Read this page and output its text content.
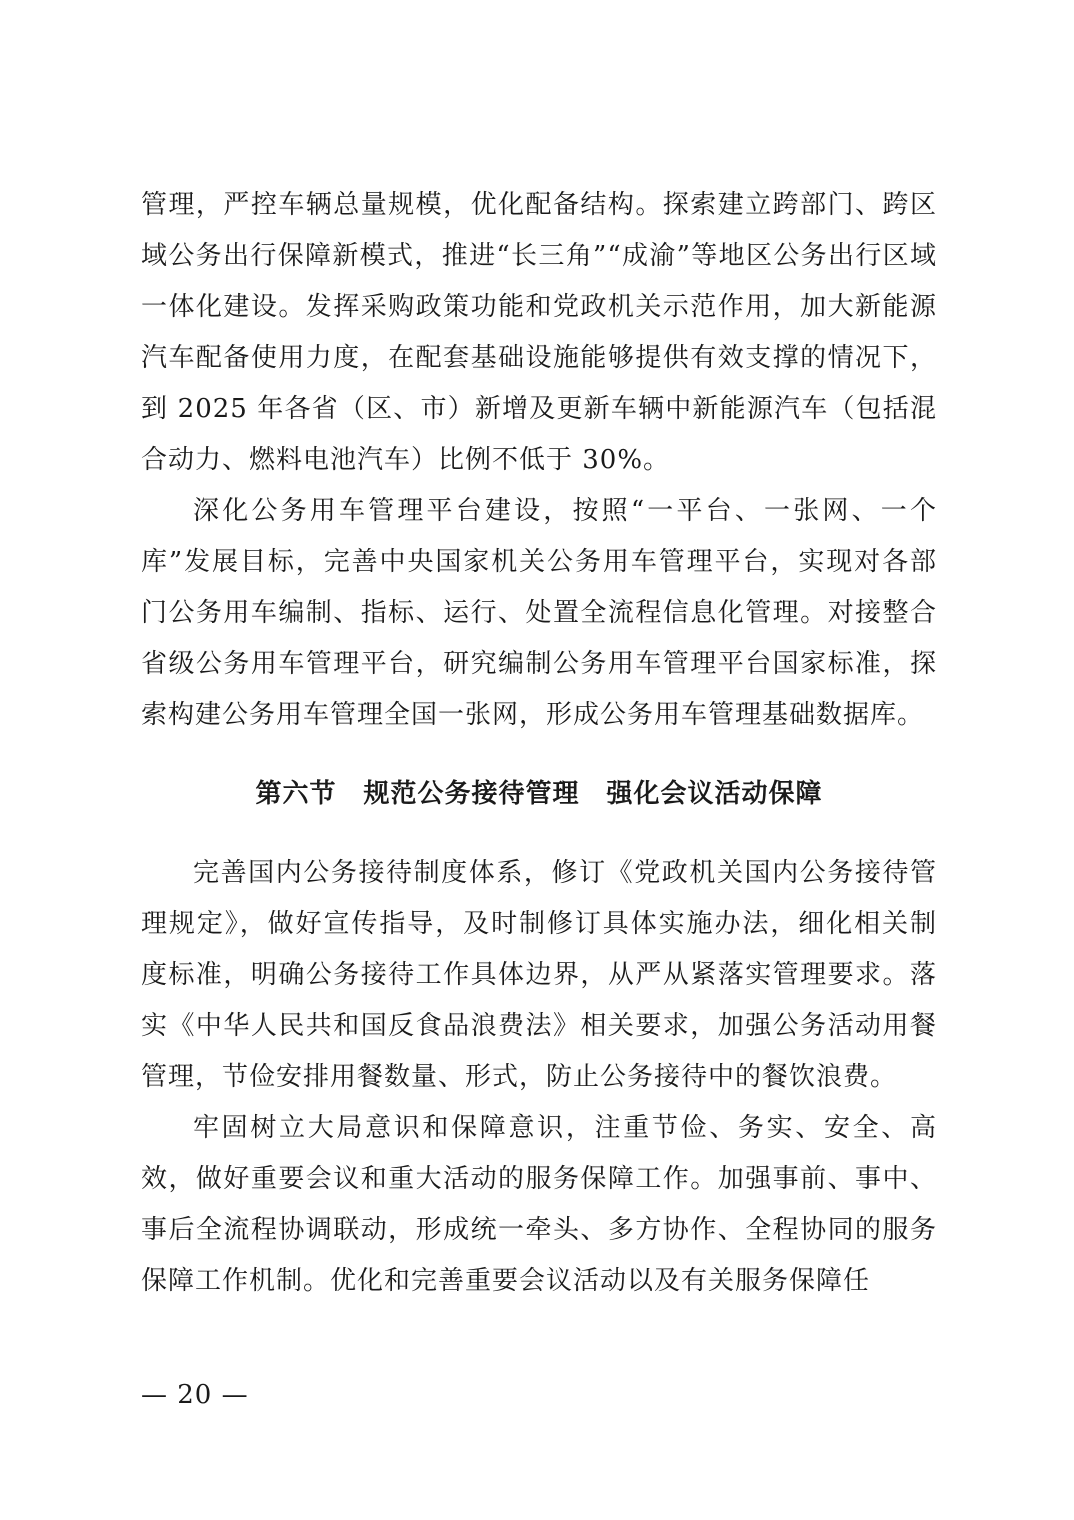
管理，严控车辆总量规模，优化配备结构。探索建立跨部门、跨区域公务出行保障新模式，推进“长三角”“成渝”等地区公务出行区域一体化建设。发挥采购政策功能和党政机关示范作用，加大新能源汽车配备使用力度，在配套基础设施能够提供有效支撑的情况下，到 2025 年各省（区、市）新增及更新车辆中新能源汽车（包括混合动力、燃料电池汽车）比例不低于 30%。

深化公务用车管理平台建设，按照“一平台、一张网、一个库”发展目标，完善中央国家机关公务用车管理平台，实现对各部门公务用车编制、指标、运行、处置全流程信息化管理。对接整合省级公务用车管理平台，研究编制公务用车管理平台国家标准，探索构建公务用车管理全国一张网，形成公务用车管理基础数据库。

第六节　规范公务接待管理　强化会议活动保障

完善国内公务接待制度体系，修订《党政机关国内公务接待管理规定》，做好宣传指导，及时制修订具体实施办法，细化相关制度标准，明确公务接待工作具体边界，从严从紧落实管理要求。落实《中华人民共和国反食品浪费法》相关要求，加强公务活动用餐管理，节俭安排用餐数量、形式，防止公务接待中的餐饮浪费。

牢固树立大局意识和保障意识，注重节俭、务实、安全、高效，做好重要会议和重大活动的服务保障工作。加强事前、事中、事后全流程协调联动，形成统一牵头、多方协作、全程协同的服务保障工作机制。优化和完善重要会议活动以及有关服务保障任

— 20 —
